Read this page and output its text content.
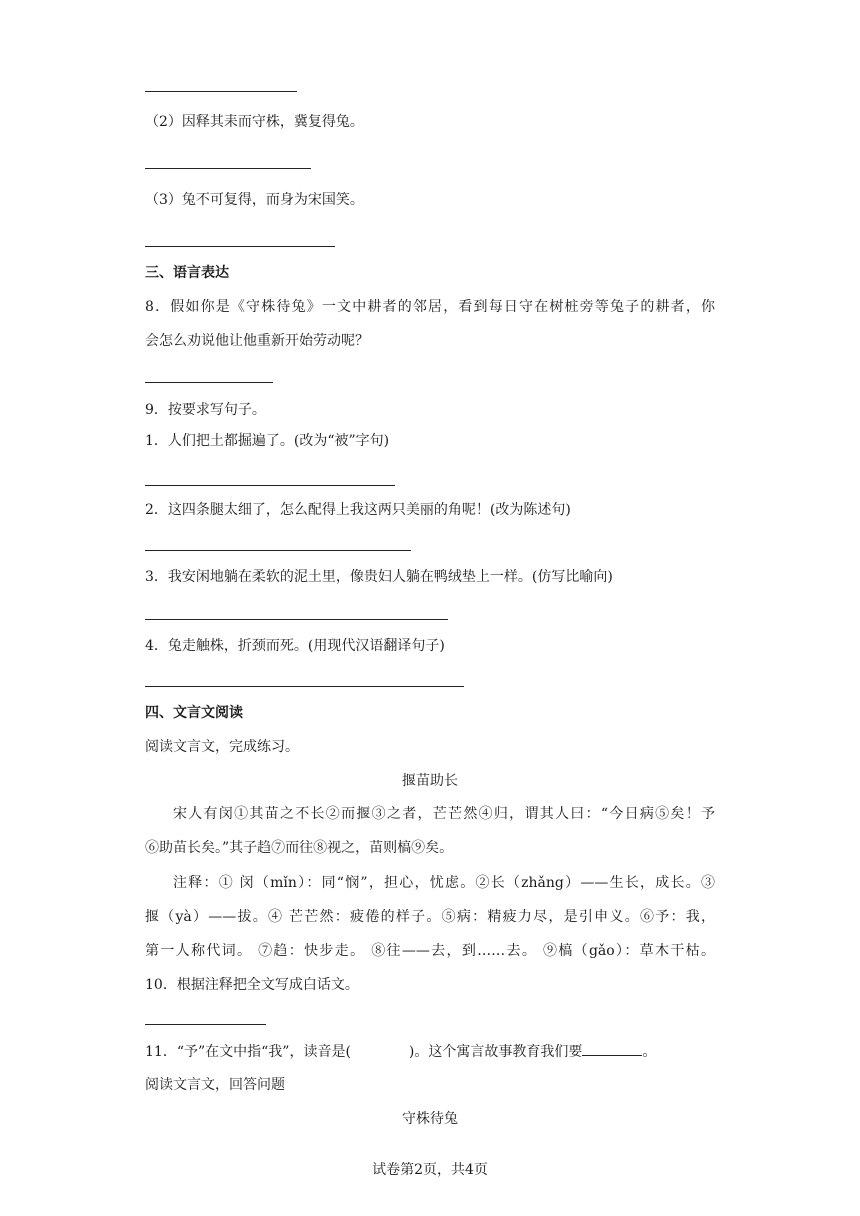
（2）因释其耒而守株，冀复得兔。
（3）兔不可复得，而身为宋国笑。
三、语言表达
8．假如你是《守株待兔》一文中耕者的邻居，看到每日守在树桩旁等兔子的耕者，你
会怎么劝说他让他重新开始劳动呢？
9．按要求写句子。
1．人们把土都掘遍了。(改为“被”字句)
2．这四条腿太细了，怎么配得上我这两只美丽的角呢！(改为陈述句)
3．我安闲地躺在柔软的泥土里，像贵妇人躺在鸭绒垫上一样。(仿写比喻向)
4．兔走触株，折颈而死。(用现代汉语翻译句子)
四、文言文阅读
阅读文言文，完成练习。
揠苗助长
宋人有闵①其苗之不长②而揠③之者，芒芒然④归，谓其人曰：“今日病⑤矣！予
⑥助苗长矣。”其子趋⑦而往⑧视之，苗则槁⑨矣。
注释：① 闵（mǐn）：同“悯”，担心，忧虑。②长（zhǎng）——生长，成长。③
揠（yà）——拔。④ 芒芒然：疲倦的样子。⑤病：精疲力尽，是引申义。⑥予：我，
第一人称代词。 ⑦趋：快步走。 ⑧往——去，到……去。 ⑨槁（gǎo）：草木干枯。
10．根据注释把全文写成白话文。
11．“予”在文中指“我”，读音是(	)。这个寓言故事教育我们要	。
阅读文言文，回答问题
守株待兔
试卷第2页，共4页
